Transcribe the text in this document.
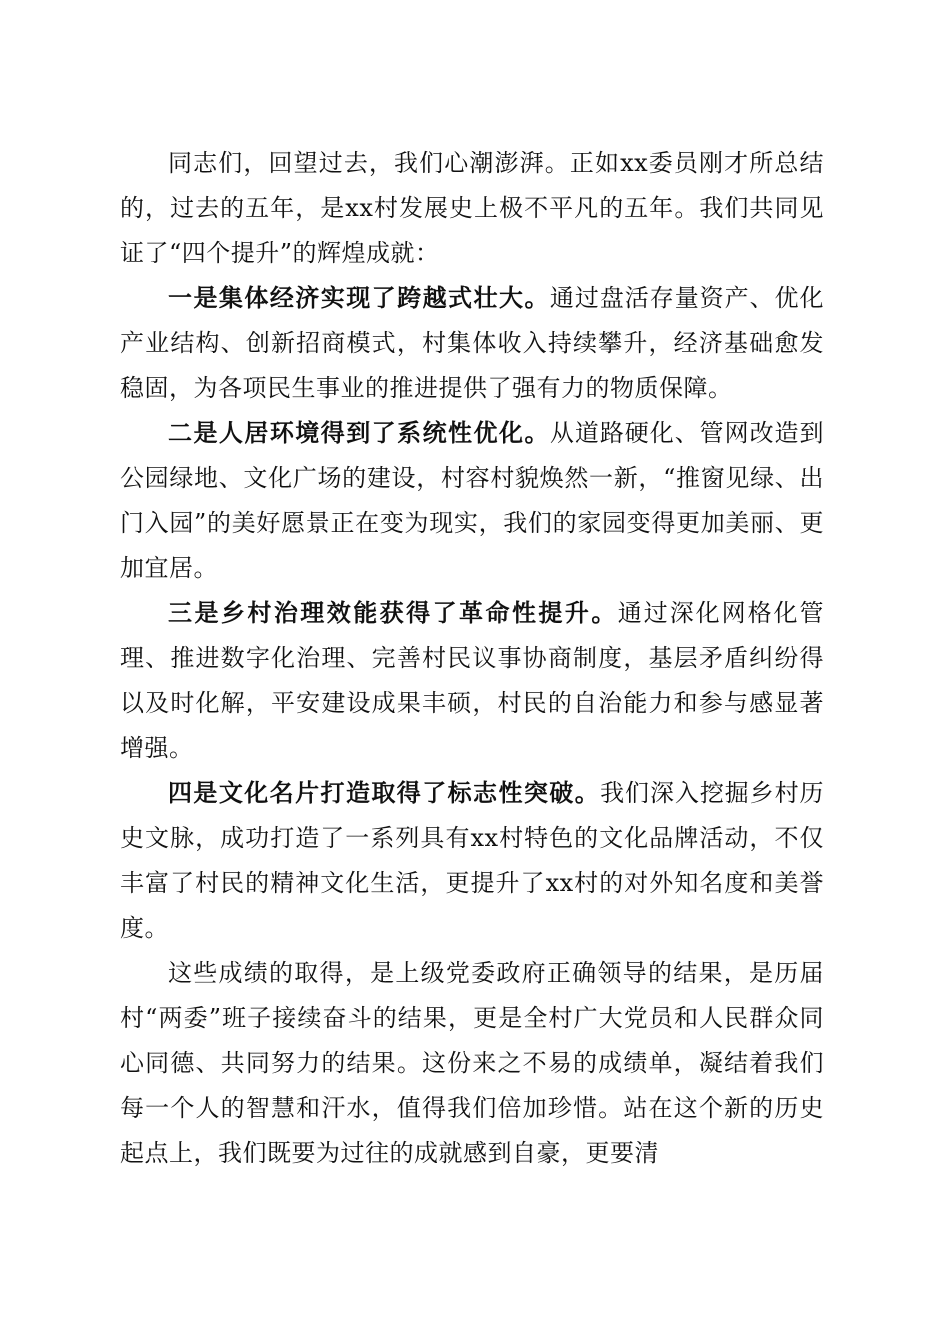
同志们，回望过去，我们心潮澎湃。正如xx委员刚才所总结的，过去的五年，是xx村发展史上极不平凡的五年。我们共同见证了“四个提升”的辉煌成就：

一是集体经济实现了跨越式壮大。通过盘活存量资产、优化产业结构、创新招商模式，村集体收入持续攀升，经济基础愈发稳固，为各项民生事业的推进提供了强有力的物质保障。

二是人居环境得到了系统性优化。从道路硬化、管网改造到公园绿地、文化广场的建设，村容村貌焕然一新，“推窗见绿、出门入园”的美好愿景正在变为现实，我们的家园变得更加美丽、更加宜居。

三是乡村治理效能获得了革命性提升。通过深化网格化管理、推进数字化治理、完善村民议事协商制度，基层矛盾纠纷得以及时化解，平安建设成果丰硕，村民的自治能力和参与感显著增强。

四是文化名片打造取得了标志性突破。我们深入挖掘乡村历史文脉，成功打造了一系列具有xx村特色的文化品牌活动，不仅丰富了村民的精神文化生活，更提升了xx村的对外知名度和美誉度。

这些成绩的取得，是上级党委政府正确领导的结果，是历届村“两委”班子接续奋斗的结果，更是全村广大党员和人民群众同心同德、共同努力的结果。这份来之不易的成绩单，凝结着我们每一个人的智慧和汗水，值得我们倍加珍惜。站在这个新的历史起点上，我们既要为过往的成就感到自豪，更要清
